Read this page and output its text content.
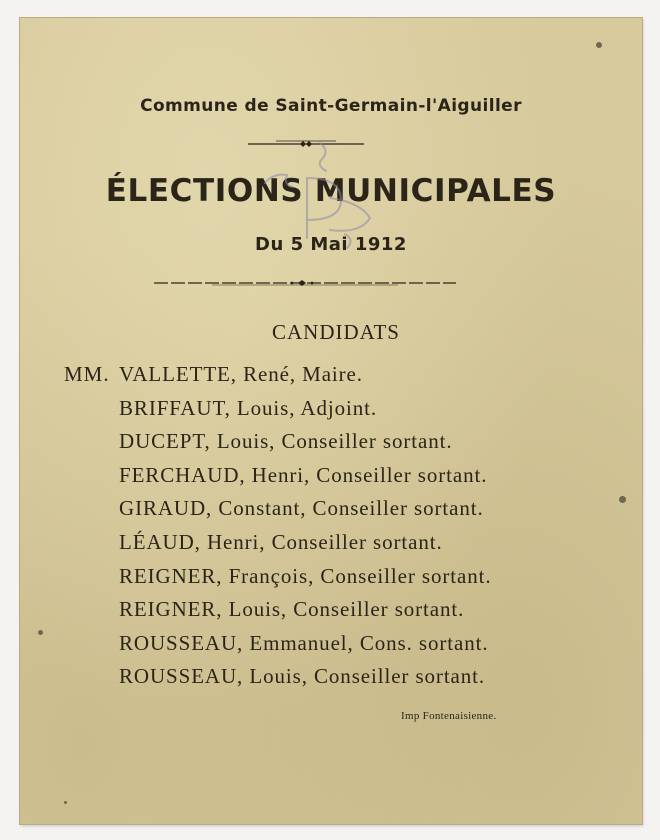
Commune de Saint-Germain-l'Aiguiller
ÉLECTIONS MUNICIPALES
Du 5 Mai 1912
CANDIDATS
MM. VALLETTE, René, Maire.
BRIFFAUT, Louis, Adjoint.
DUCEPT, Louis, Conseiller sortant.
FERCHAUD, Henri, Conseiller sortant.
GIRAUD, Constant, Conseiller sortant.
LÉAUD, Henri, Conseiller sortant.
REIGNER, François, Conseiller sortant.
REIGNER, Louis, Conseiller sortant.
ROUSSEAU, Emmanuel, Cons. sortant.
ROUSSEAU, Louis, Conseiller sortant.
Imp Fontenaisienne.
